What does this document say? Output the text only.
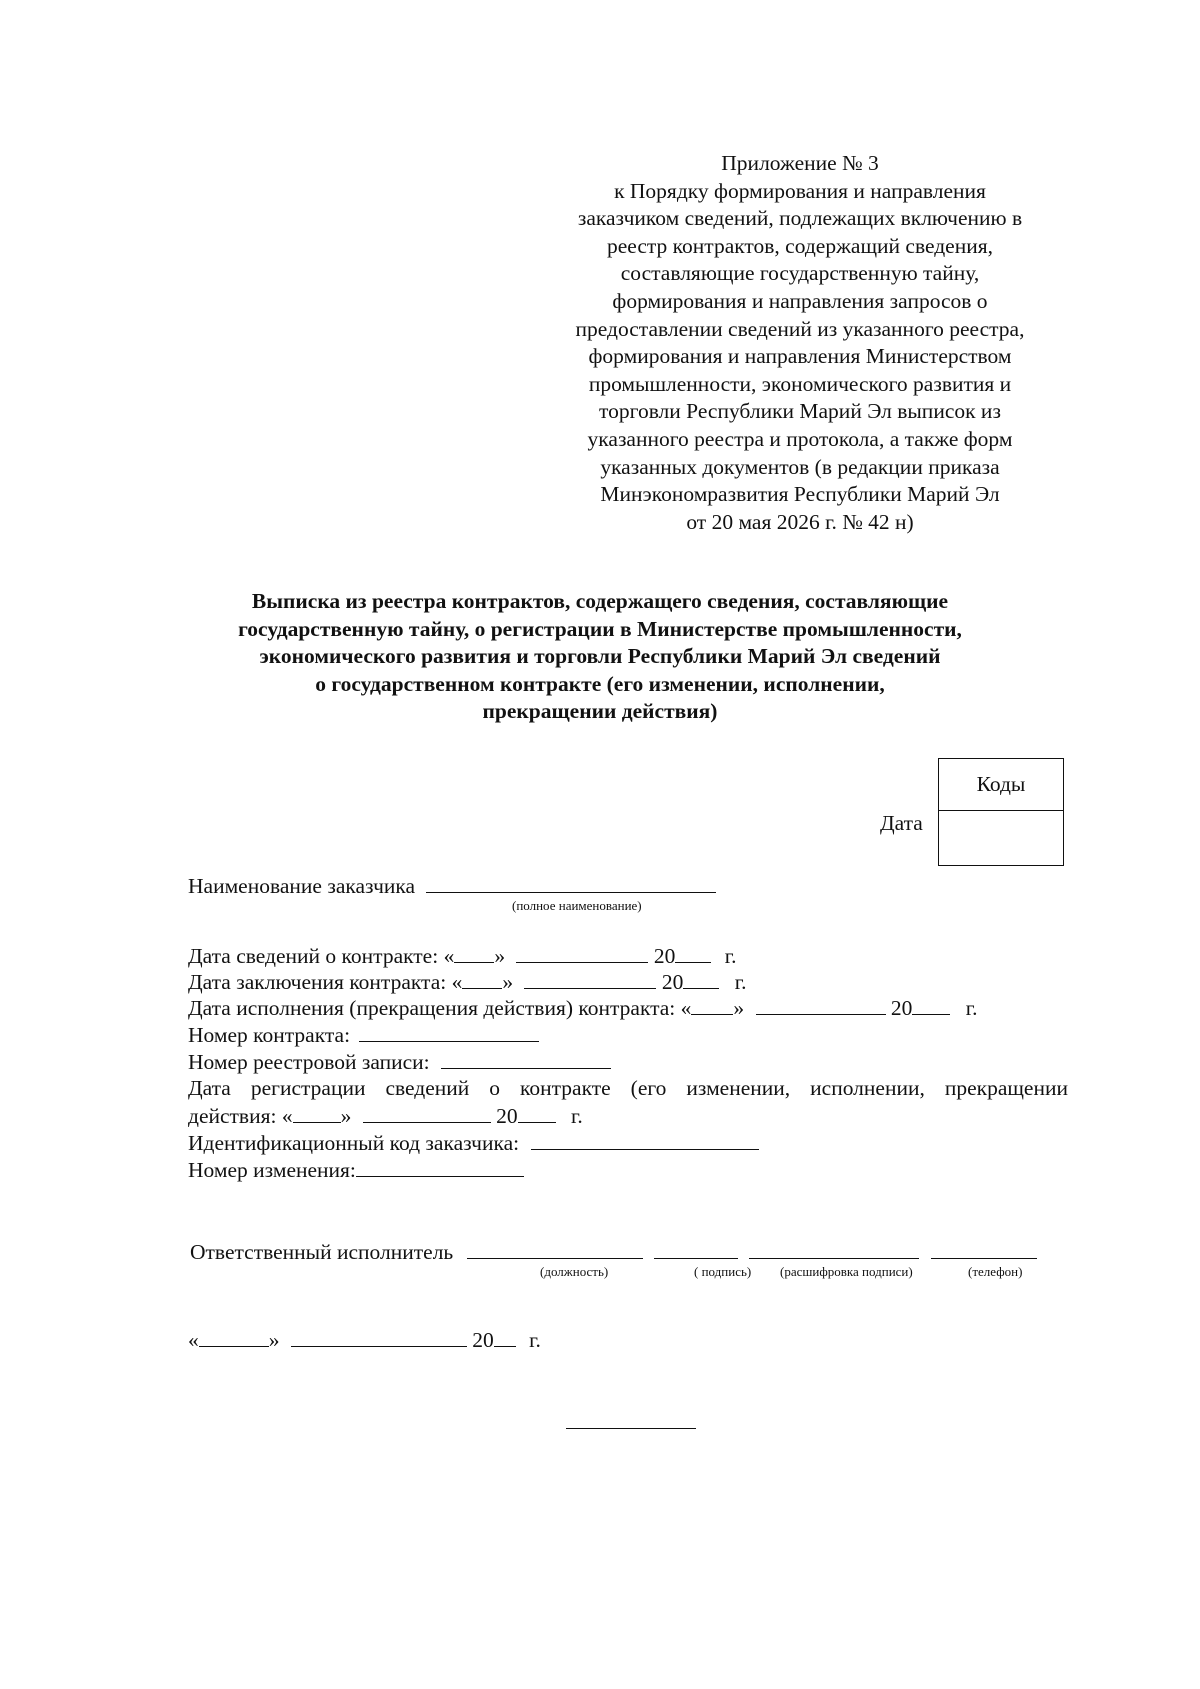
Приложение № 3
к Порядку формирования и направления
заказчиком сведений, подлежащих включению в
реестр контрактов, содержащий сведения,
составляющие государственную тайну,
формирования и направления запросов о
предоставлении сведений из указанного реестра,
формирования и направления Министерством
промышленности, экономического развития и
торговли Республики Марий Эл выписок из
указанного реестра и протокола, а также форм
указанных документов (в редакции приказа
Минэкономразвития Республики Марий Эл
от 20 мая 2026 г. № 42 н)
Выписка из реестра контрактов, содержащего сведения, составляющие
государственную тайну, о регистрации в Министерстве промышленности,
экономического развития и торговли Республики Марий Эл сведений
о государственном контракте (его изменении, исполнении,
прекращении действия)
Коды
Дата
Наименование заказчика
(полное наименование)
Дата сведений о контракте: « »	20 г.
Дата заключения контракта: « »	20 г.
Дата исполнения (прекращения действия) контракта: « »	20 г.
Номер контракта:
Номер реестровой записи:
Дата регистрации сведений о контракте (его изменении, исполнении, прекращении
действия: « »	20 г.
Идентификационный код заказчика:
Номер изменения:
Ответственный исполнитель
(должность)	( подпись) (расшифровка подписи)	(телефон)
«	»	20 г.
